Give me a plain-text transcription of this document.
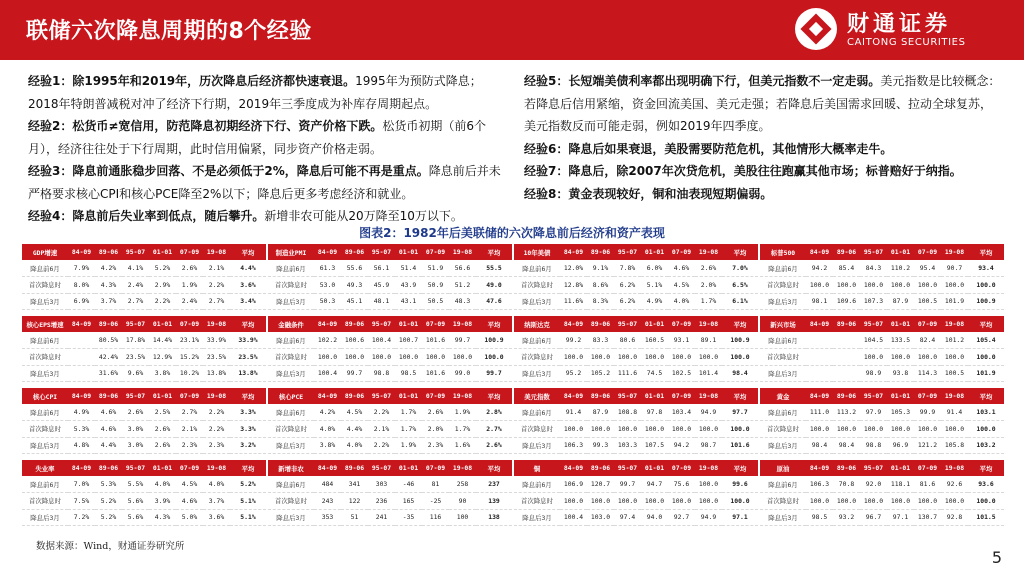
联储六次降息周期的8个经验	财通证券
CAITONG SECURITIES

经验1：除1995年和2019年，历次降息后经济都快速衰退。1995年为预防式降息；2018年特朗普减税对冲了经济下行期，2019年三季度成为补库存周期起点。

经验2：松货币≠宽信用，防范降息初期经济下行、资产价格下跌。松货币初期（前6个月），经济往往处于下行周期，此时信用偏紧，同步资产价格走弱。

经验3：降息前通胀稳步回落、不是必须低于2%，降息后可能不再是重点。降息前后并未严格要求核心CPI和核心PCE降至2%以下；降息后更多考虑经济和就业。

经验4：降息前后失业率到低点，随后攀升。新增非农可能从20万降至10万以下。

经验5：长短端美债利率都出现明确下行，但美元指数不一定走弱。美元指数是比较概念：若降息后信用紧缩，资金回流美国、美元走强；若降息后美国需求回暖、拉动全球复苏，美元指数反而可能走弱，例如2019年四季度。

经验6：降息后如果衰退，美股需要防范危机，其他情形大概率走牛。

经验7：降息后，除2007年次贷危机，美股往往跑赢其他市场；标普赔好于纳指。

经验8：黄金表现较好，铜和油表现短期偏弱。

图表2：1982年后美联储的六次降息前后经济和资产表现
GDP增速	84-09	89-06	95-07	01-01	07-09	19-08	平均
降息前6月	7.9%	4.2%	4.1%	5.2%	2.6%	2.1%	4.4%
首次降息时	8.0%	4.3%	2.4%	2.9%	1.9%	2.2%	3.6%
降息后3月	6.9%	3.7%	2.7%	2.2%	2.4%	2.7%	3.4%
制造业PMI	84-09	89-06	95-07	01-01	07-09	19-08	平均
降息前6月	61.3	55.6	56.1	51.4	51.9	56.6	55.5
首次降息时	53.0	49.3	45.9	43.9	50.9	51.2	49.0
降息后3月	50.3	45.1	48.1	43.1	50.5	48.3	47.6
10年美债	84-09	89-06	95-07	01-01	07-09	19-08	平均
降息前6月	12.0%	9.1%	7.8%	6.0%	4.6%	2.6%	7.0%
首次降息时	12.8%	8.6%	6.2%	5.1%	4.5%	2.0%	6.5%
降息后3月	11.6%	8.3%	6.2%	4.9%	4.0%	1.7%	6.1%
标普500	84-09	89-06	95-07	01-01	07-09	19-08	平均
降息前6月	94.2	85.4	84.3	110.2	95.4	90.7	93.4
首次降息时	100.0	100.0	100.0	100.0	100.0	100.0	100.0
降息后3月	98.1	109.6	107.3	87.9	100.5	101.9	100.9
核心EPS增速	84-09	89-06	95-07	01-01	07-09	19-08	平均
降息前6月		80.5%	17.8%	14.4%	23.1%	33.9%	33.9%
首次降息时		42.4%	23.5%	12.9%	15.2%	23.5%	23.5%
降息后3月		31.6%	9.6%	3.8%	10.2%	13.8%	13.8%
金融条件	84-09	89-06	95-07	01-01	07-09	19-08	平均
降息前6月	102.2	100.6	100.4	100.7	101.6	99.7	100.9
首次降息时	100.0	100.0	100.0	100.0	100.0	100.0	100.0
降息后3月	100.4	99.7	98.8	98.5	101.6	99.0	99.7
纳斯达克	84-09	89-06	95-07	01-01	07-09	19-08	平均
降息前6月	99.2	83.3	80.6	160.5	93.1	89.1	100.9
首次降息时	100.0	100.0	100.0	100.0	100.0	100.0	100.0
降息后3月	95.2	105.2	111.6	74.5	102.5	101.4	98.4
新兴市场	84-09	89-06	95-07	01-01	07-09	19-08	平均
降息前6月			104.5	133.5	82.4	101.2	105.4
首次降息时			100.0	100.0	100.0	100.0	100.0
降息后3月			98.9	93.8	114.3	100.5	101.9
核心CPI	84-09	89-06	95-07	01-01	07-09	19-08	平均
降息前6月	4.9%	4.6%	2.6%	2.5%	2.7%	2.2%	3.3%
首次降息时	5.3%	4.6%	3.0%	2.6%	2.1%	2.2%	3.3%
降息后3月	4.8%	4.4%	3.0%	2.6%	2.3%	2.3%	3.2%
核心PCE	84-09	89-06	95-07	01-01	07-09	19-08	平均
降息前6月	4.2%	4.5%	2.2%	1.7%	2.6%	1.9%	2.8%
首次降息时	4.0%	4.4%	2.1%	1.7%	2.0%	1.7%	2.7%
降息后3月	3.8%	4.0%	2.2%	1.9%	2.3%	1.6%	2.6%
美元指数	84-09	89-06	95-07	01-01	07-09	19-08	平均
降息前6月	91.4	87.9	108.8	97.8	103.4	94.9	97.7
首次降息时	100.0	100.0	100.0	100.0	100.0	100.0	100.0
降息后3月	106.3	99.3	103.3	107.5	94.2	98.7	101.6
黄金	84-09	89-06	95-07	01-01	07-09	19-08	平均
降息前6月	111.0	113.2	97.9	105.3	99.9	91.4	103.1
首次降息时	100.0	100.0	100.0	100.0	100.0	100.0	100.0
降息后3月	98.4	98.4	98.8	96.9	121.2	105.8	103.2
失业率	84-09	89-06	95-07	01-01	07-09	19-08	平均
降息前6月	7.0%	5.3%	5.5%	4.0%	4.5%	4.0%	5.2%
首次降息时	7.5%	5.2%	5.6%	3.9%	4.6%	3.7%	5.1%
降息后3月	7.2%	5.2%	5.6%	4.3%	5.0%	3.6%	5.1%
新增非农	84-09	89-06	95-07	01-01	07-09	19-08	平均
降息前6月	484	341	303	-46	81	258	237
首次降息时	243	122	236	165	-25	90	139
降息后3月	353	51	241	-35	116	100	138
铜	84-09	89-06	95-07	01-01	07-09	19-08	平均
降息前6月	106.9	120.7	99.7	94.7	75.6	100.0	99.6
首次降息时	100.0	100.0	100.0	100.0	100.0	100.0	100.0
降息后3月	100.4	103.0	97.4	94.0	92.7	94.9	97.1
原油	84-09	89-06	95-07	01-01	07-09	19-08	平均
降息前6月	106.3	70.8	92.0	118.1	81.6	92.6	93.6
首次降息时	100.0	100.0	100.0	100.0	100.0	100.0	100.0
降息后3月	98.5	93.2	96.7	97.1	130.7	92.8	101.5
数据来源：Wind，财通证券研究所
5
